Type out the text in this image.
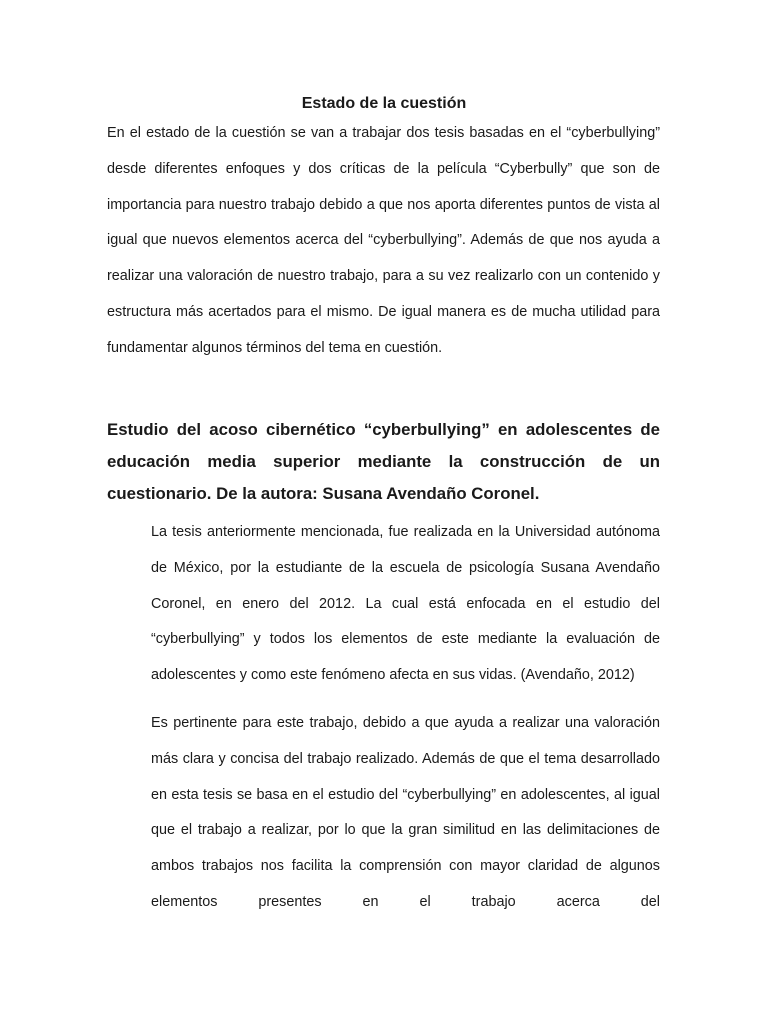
Estado de la cuestión

En el estado de la cuestión se van a trabajar dos tesis basadas en el “cyberbullying” desde diferentes enfoques y dos críticas de la película “Cyberbully” que son de importancia para nuestro trabajo debido a que nos aporta diferentes puntos de vista al igual que nuevos elementos acerca del “cyberbullying”. Además de que nos ayuda a realizar una valoración de nuestro trabajo, para a su vez realizarlo con un contenido y estructura más acertados para el mismo. De igual manera es de mucha utilidad para fundamentar algunos términos del tema en cuestión.

Estudio del acoso cibernético “cyberbullying” en adolescentes de educación media superior mediante la construcción de un cuestionario. De la autora: Susana Avendaño Coronel.

La tesis anteriormente mencionada, fue realizada en la Universidad autónoma de México, por la estudiante de la escuela de psicología Susana Avendaño Coronel, en enero del 2012. La cual está enfocada en el estudio del “cyberbullying” y todos los elementos de este mediante la evaluación de adolescentes y como este fenómeno afecta en sus vidas. (Avendaño, 2012)

Es pertinente para este trabajo, debido a que ayuda a realizar una valoración más clara y concisa del trabajo realizado. Además de que el tema desarrollado en esta tesis se basa en el estudio del “cyberbullying” en adolescentes, al igual que el trabajo a realizar, por lo que la gran similitud en las delimitaciones de ambos trabajos nos facilita la comprensión con mayor claridad de algunos elementos presentes en el trabajo acerca del
